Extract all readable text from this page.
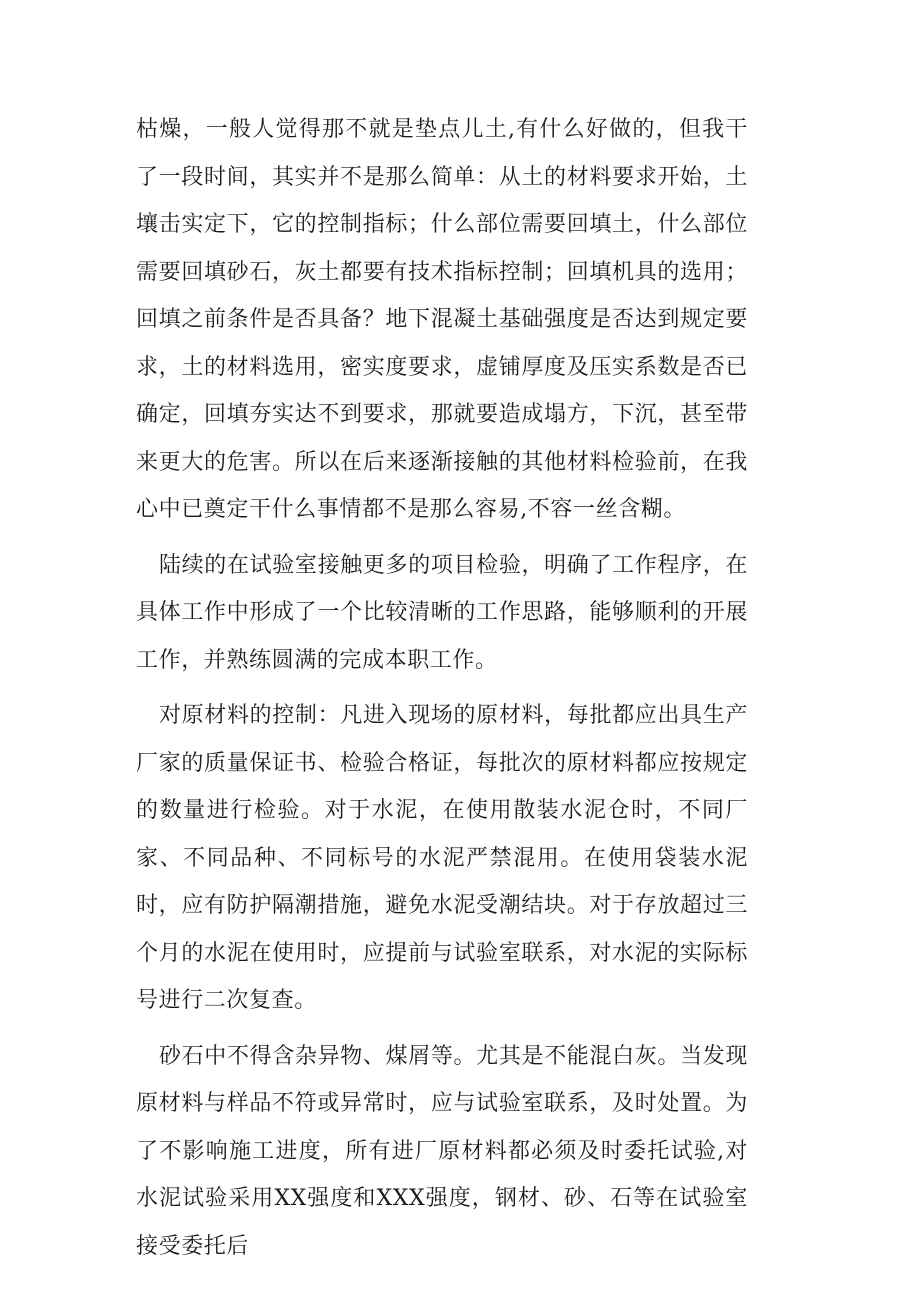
枯燥，一般人觉得那不就是垫点儿土,有什么好做的，但我干了一段时间，其实并不是那么简单：从土的材料要求开始，土壤击实定下，它的控制指标；什么部位需要回填土，什么部位需要回填砂石，灰土都要有技术指标控制；回填机具的选用；回填之前条件是否具备？地下混凝土基础强度是否达到规定要求，土的材料选用，密实度要求，虚铺厚度及压实系数是否已确定，回填夯实达不到要求，那就要造成塌方，下沉，甚至带来更大的危害。所以在后来逐渐接触的其他材料检验前，在我心中已奠定干什么事情都不是那么容易,不容一丝含糊。

陆续的在试验室接触更多的项目检验，明确了工作程序，在具体工作中形成了一个比较清晰的工作思路，能够顺利的开展工作，并熟练圆满的完成本职工作。

对原材料的控制：凡进入现场的原材料，每批都应出具生产厂家的质量保证书、检验合格证，每批次的原材料都应按规定的数量进行检验。对于水泥，在使用散装水泥仓时，不同厂家、不同品种、不同标号的水泥严禁混用。在使用袋装水泥时，应有防护隔潮措施，避免水泥受潮结块。对于存放超过三个月的水泥在使用时，应提前与试验室联系，对水泥的实际标号进行二次复查。

砂石中不得含杂异物、煤屑等。尤其是不能混白灰。当发现原材料与样品不符或异常时，应与试验室联系，及时处置。为了不影响施工进度，所有进厂原材料都必须及时委托试验,对水泥试验采用XX强度和XXX强度，钢材、砂、石等在试验室接受委托后
